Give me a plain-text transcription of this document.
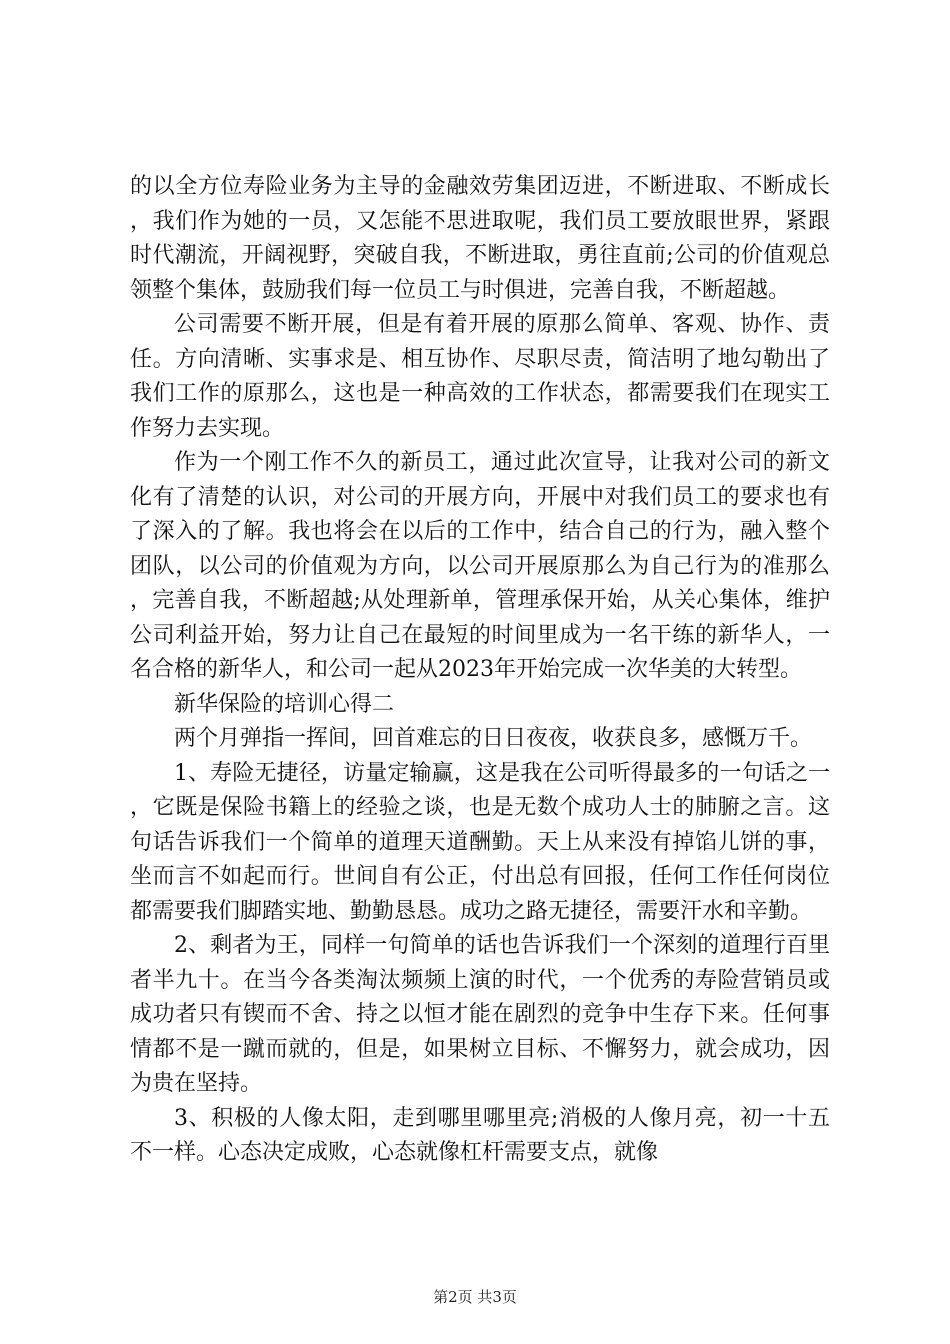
的以全方位寿险业务为主导的金融效劳集团迈进，不断进取、不断成长，我们作为她的一员，又怎能不思进取呢，我们员工要放眼世界，紧跟时代潮流，开阔视野，突破自我，不断进取，勇往直前;公司的价值观总领整个集体，鼓励我们每一位员工与时俱进，完善自我，不断超越。

公司需要不断开展，但是有着开展的原那么简单、客观、协作、责任。方向清晰、实事求是、相互协作、尽职尽责，简洁明了地勾勒出了我们工作的原那么，这也是一种高效的工作状态，都需要我们在现实工作努力去实现。

作为一个刚工作不久的新员工，通过此次宣导，让我对公司的新文化有了清楚的认识，对公司的开展方向，开展中对我们员工的要求也有了深入的了解。我也将会在以后的工作中，结合自己的行为，融入整个团队，以公司的价值观为方向，以公司开展原那么为自己行为的准那么，完善自我，不断超越;从处理新单，管理承保开始，从关心集体，维护公司利益开始，努力让自己在最短的时间里成为一名干练的新华人，一名合格的新华人，和公司一起从2023年开始完成一次华美的大转型。

新华保险的培训心得二

两个月弹指一挥间，回首难忘的日日夜夜，收获良多，感慨万千。

1、寿险无捷径，访量定输赢，这是我在公司听得最多的一句话之一，它既是保险书籍上的经验之谈，也是无数个成功人士的肺腑之言。这句话告诉我们一个简单的道理天道酬勤。天上从来没有掉馅儿饼的事，坐而言不如起而行。世间自有公正，付出总有回报，任何工作任何岗位都需要我们脚踏实地、勤勤恳恳。成功之路无捷径，需要汗水和辛勤。

2、剩者为王，同样一句简单的话也告诉我们一个深刻的道理行百里者半九十。在当今各类淘汰频频上演的时代，一个优秀的寿险营销员或成功者只有锲而不舍、持之以恒才能在剧烈的竞争中生存下来。任何事情都不是一蹴而就的，但是，如果树立目标、不懈努力，就会成功，因为贵在坚持。

3、积极的人像太阳，走到哪里哪里亮;消极的人像月亮，初一十五不一样。心态决定成败，心态就像杠杆需要支点，就像

第2页 共3页
